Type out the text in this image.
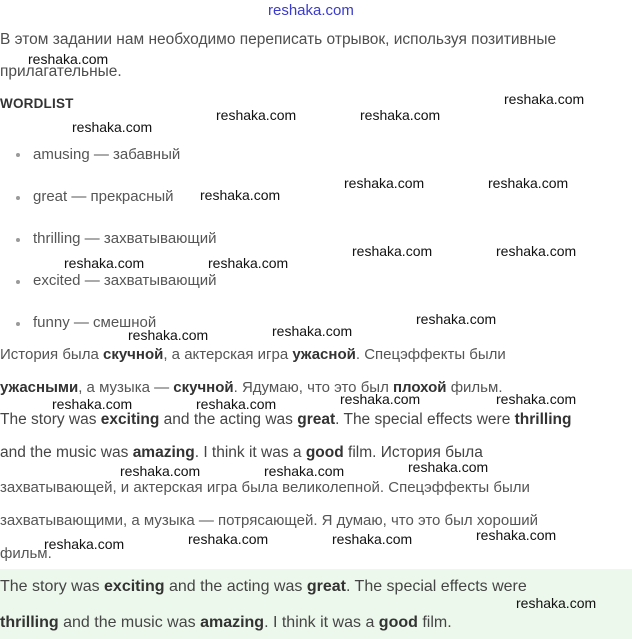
reshaka.com
В этом задании нам необходимо переписать отрывок, используя позитивные
прилагательные.
WORDLIST
amusing — забавный
great — прекрасный
thrilling — захватывающий
excited — захватывающий
funny — смешной
История была скучной, а актерская игра ужасной. Спецэффекты были
ужасными, а музыка — скучной. Ядумаю, что это был плохой фильм.
The story was exciting and the acting was great. The special effects were thrilling
and the music was amazing. I think it was a good film. История была
захватывающей, и актерская игра была великолепной. Спецэффекты были
захватывающими, а музыка — потрясающей. Я думаю, что это был хороший
фильм.
The story was exciting and the acting was great. The special effects were
thrilling and the music was amazing. I think it was a good film.
reshaka.com
reshaka.com
reshaka.com
reshaka.com	reshaka.com
reshaka.com	reshaka.com
reshaka.com
reshaka.com	reshaka.com
reshaka.com	reshaka.com
reshaka.com
reshaka.com
reshaka.com
reshaka.com	reshaka.com	reshaka.com	reshaka.com
reshaka.com	reshaka.com	reshaka.com
reshaka.com	reshaka.com	reshaka.com	reshaka.com
reshaka.com
